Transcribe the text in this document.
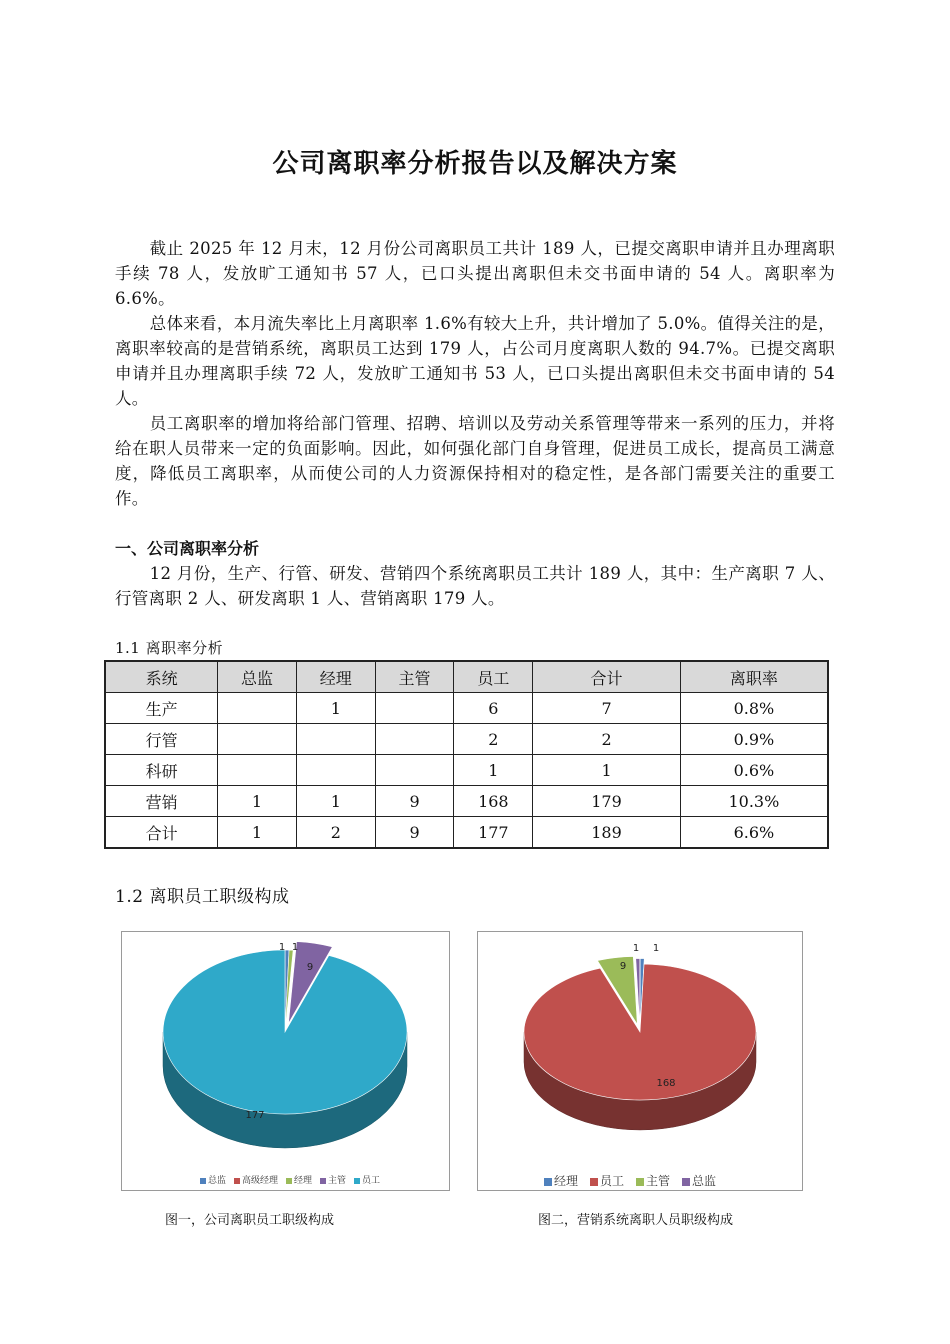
公司离职率分析报告以及解决方案

截止 2025 年 12 月末，12 月份公司离职员工共计 189 人，已提交离职申请并且办理离职手续 78 人，发放旷工通知书 57 人，已口头提出离职但未交书面申请的 54 人。离职率为 6.6%。

总体来看，本月流失率比上月离职率 1.6%有较大上升，共计增加了 5.0%。值得关注的是，离职率较高的是营销系统，离职员工达到 179 人，占公司月度离职人数的 94.7%。已提交离职申请并且办理离职手续 72 人，发放旷工通知书 53 人，已口头提出离职但未交书面申请的 54 人。

员工离职率的增加将给部门管理、招聘、培训以及劳动关系管理等带来一系列的压力，并将给在职人员带来一定的负面影响。因此，如何强化部门自身管理，促进员工成长，提高员工满意度，降低员工离职率，从而使公司的人力资源保持相对的稳定性，是各部门需要关注的重要工作。

一、公司离职率分析

12 月份，生产、行管、研发、营销四个系统离职员工共计 189 人，其中：生产离职 7 人、行管离职 2 人、研发离职 1 人、营销离职 179 人。

1.1 离职率分析
系统	总监	经理	主管	员工	合计	离职率
生产		1		6	7	0.8%
行管				2	2	0.9%
科研				1	1	0.6%
营销	1	1	9	168	179	10.3%
合计	1	2	9	177	189	6.6%
1.2 离职员工职级构成
1 1
9
177
总监 高级经理 经理 主管 员工
1
168
9
1
经理 员工 主管 总监
图一，公司离职员工职级构成	图二，营销系统离职人员职级构成
